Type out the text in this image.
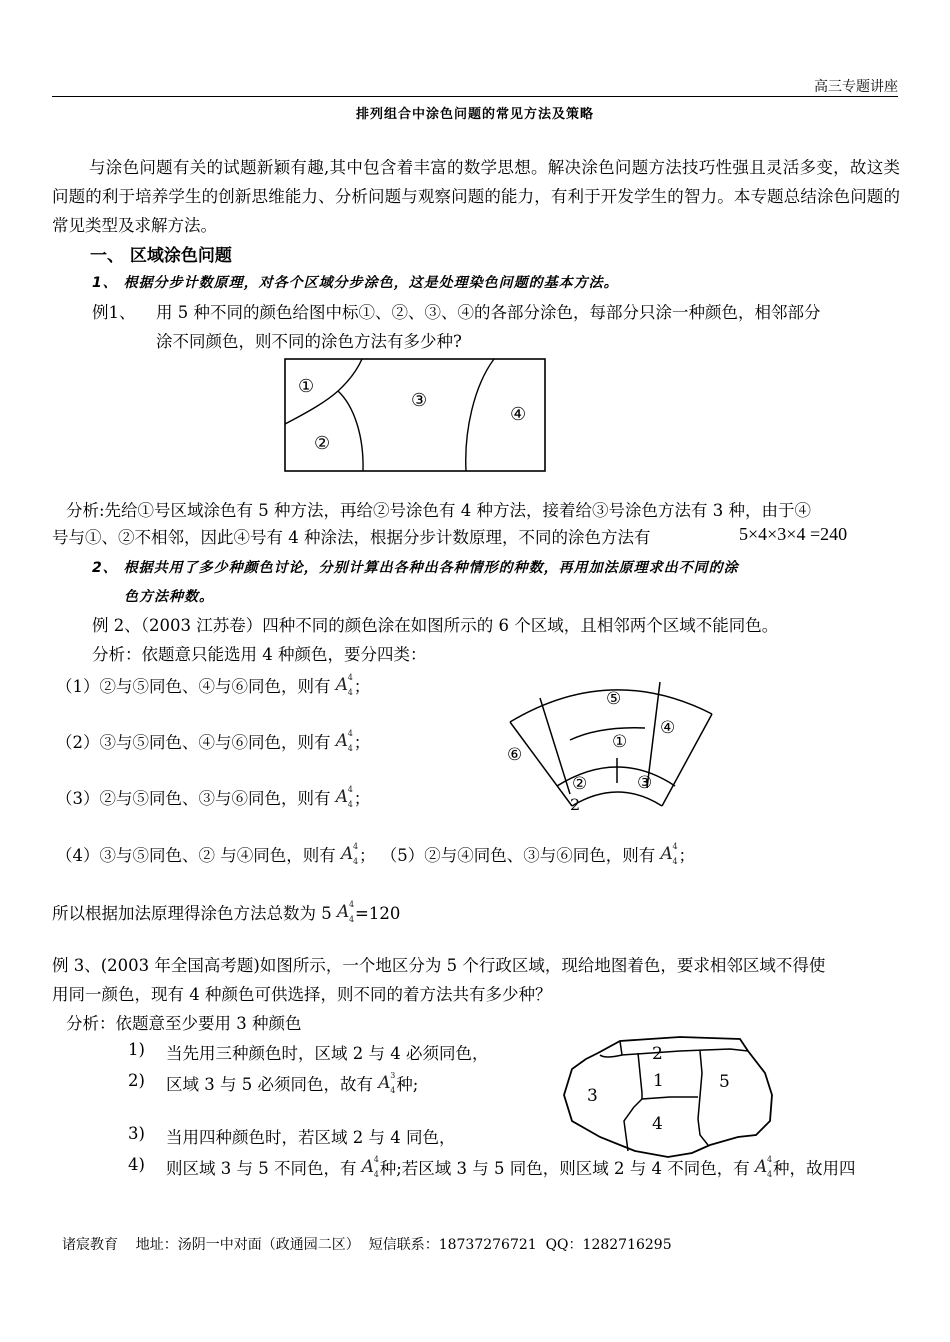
高三专题讲座
排列组合中涂色问题的常见方法及策略
与涂色问题有关的试题新颖有趣,其中包含着丰富的数学思想。解决涂色问题方法技巧性强且灵活多变，故这类问题的利于培养学生的创新思维能力、分析问题与观察问题的能力，有利于开发学生的智力。本专题总结涂色问题的常见类型及求解方法。
一、 区域涂色问题
1、 根据分步计数原理，对各个区域分步涂色，这是处理染色问题的基本方法。
例1、 用 5 种不同的颜色给图中标①、②、③、④的各部分涂色，每部分只涂一种颜色，相邻部分
涂不同颜色，则不同的涂色方法有多少种?
①
②
③
④
分析:先给①号区域涂色有 5 种方法，再给②号涂色有 4 种方法，接着给③号涂色方法有 3 种，由于④
号与①、②不相邻，因此④号有 4 种涂法，根据分步计数原理，不同的涂色方法有	5×4×3×4 =240
2、 根据共用了多少种颜色讨论，分别计算出各种出各种情形的种数，再用加法原理求出不同的涂
色方法种数。
例 2、（2003 江苏卷）四种不同的颜色涂在如图所示的 6 个区域，且相邻两个区域不能同色。
分析：依题意只能选用 4 种颜色，要分四类：
（1）②与⑤同色、④与⑥同色，则有 A 4
4 ；
（2）③与⑤同色、④与⑥同色，则有 A 4
4 ；
（3）②与⑤同色、③与⑥同色，则有 A 4
4 ；
（4）③与⑤同色、② 与④同色，则有 A 4
4 ； （5）②与④同色、③与⑥同色，则有 A 4
4 ；
⑤
④
①
⑥
②	③
2
所以根据加法原理得涂色方法总数为 5 A 4
4 =120
例 3、(2003 年全国高考题)如图所示，一个地区分为 5 个行政区域，现给地图着色，要求相邻区域不得使
用同一颜色，现有 4 种颜色可供选择，则不同的着方法共有多少种？
分析：依题意至少要用 3 种颜色
1) 当先用三种颜色时，区域 2 与 4 必须同色，
2) 区域 3 与 5 必须同色，故有 A 3
4 种;
3) 当用四种颜色时，若区域 2 与 4 同色，
4) 则区域 3 与 5 不同色，有 A 4
4 种;若区域 3 与 5 同色，则区域 2 与 4 不同色，有 A 4
4 种，故用四
2
1	5
3
4
诸宸教育    地址：汤阴一中对面（政通园二区）  短信联系：18737276721  QQ：1282716295
